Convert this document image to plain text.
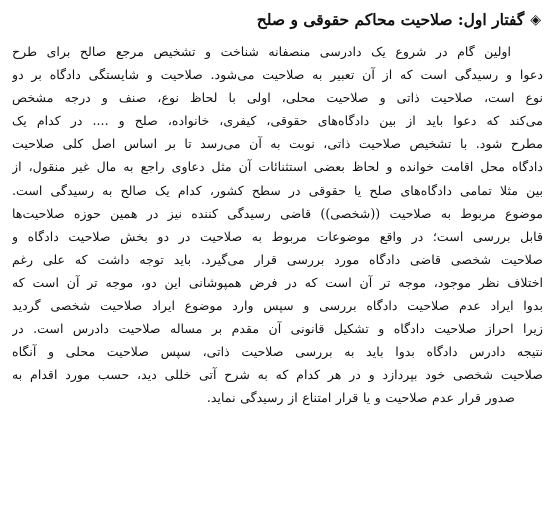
◈
گفتار اول: صلاحیت محاکم حقوقی و صلح
اولین گام در شروع یک دادرسی منصفانه شناخت و تشخیص مرجع صالح برای طرح
دعوا و رسیدگی است که از آن تعبیر به صلاحیت می‌شود. صلاحیت و شایستگی دادگاه بر دو
نوع است، صلاحیت ذاتی و صلاحیت محلی، اولی با لحاظ نوع، صنف و درجه مشخص
می‌کند که دعوا باید از بین دادگاه‌های حقوقی، کیفری، خانواده، صلح و .... در کدام یک
مطرح شود. با تشخیص صلاحیت ذاتی، نوبت به آن می‌رسد تا بر اساس اصل کلی صلاحیت
دادگاه محل اقامت خوانده و لحاظ بعضی استثنائات آن مثل دعاوی راجع به مال غیر منقول، از
بین مثلا تمامی دادگاه‌های صلح یا حقوقی در سطح کشور، کدام یک صالح به رسیدگی است.
موضوع مربوط به صلاحیت ((شخصی)) قاضی رسیدگی کننده نیز در همین حوزه صلاحیت‌ها
قابل بررسی است؛ در واقع موضوعات مربوط به صلاحیت در دو بخش صلاحیت دادگاه و
صلاحیت شخصی قاضی دادگاه مورد بررسی قرار می‌گیرد. باید توجه داشت که علی رغم
اختلاف نظر موجود، موجه تر آن است که در فرض همپوشانی این دو، موجه تر آن است که
بدوا ایراد عدم صلاحیت دادگاه بررسی و سپس وارد موضوع ایراد صلاحیت شخصی گردید
زیرا احراز صلاحیت دادگاه و تشکیل قانونی آن مقدم بر مساله صلاحیت دادرس است. در
نتیجه دادرس دادگاه بدوا باید به بررسی صلاحیت ذاتی، سپس صلاحیت محلی و آنگاه
صلاحیت شخصی خود بپردازد و در هر کدام که به شرح آتی خللی دید، حسب مورد اقدام به
صدور قرار عدم صلاحیت و یا قرار امتناع از رسیدگی نماید.
